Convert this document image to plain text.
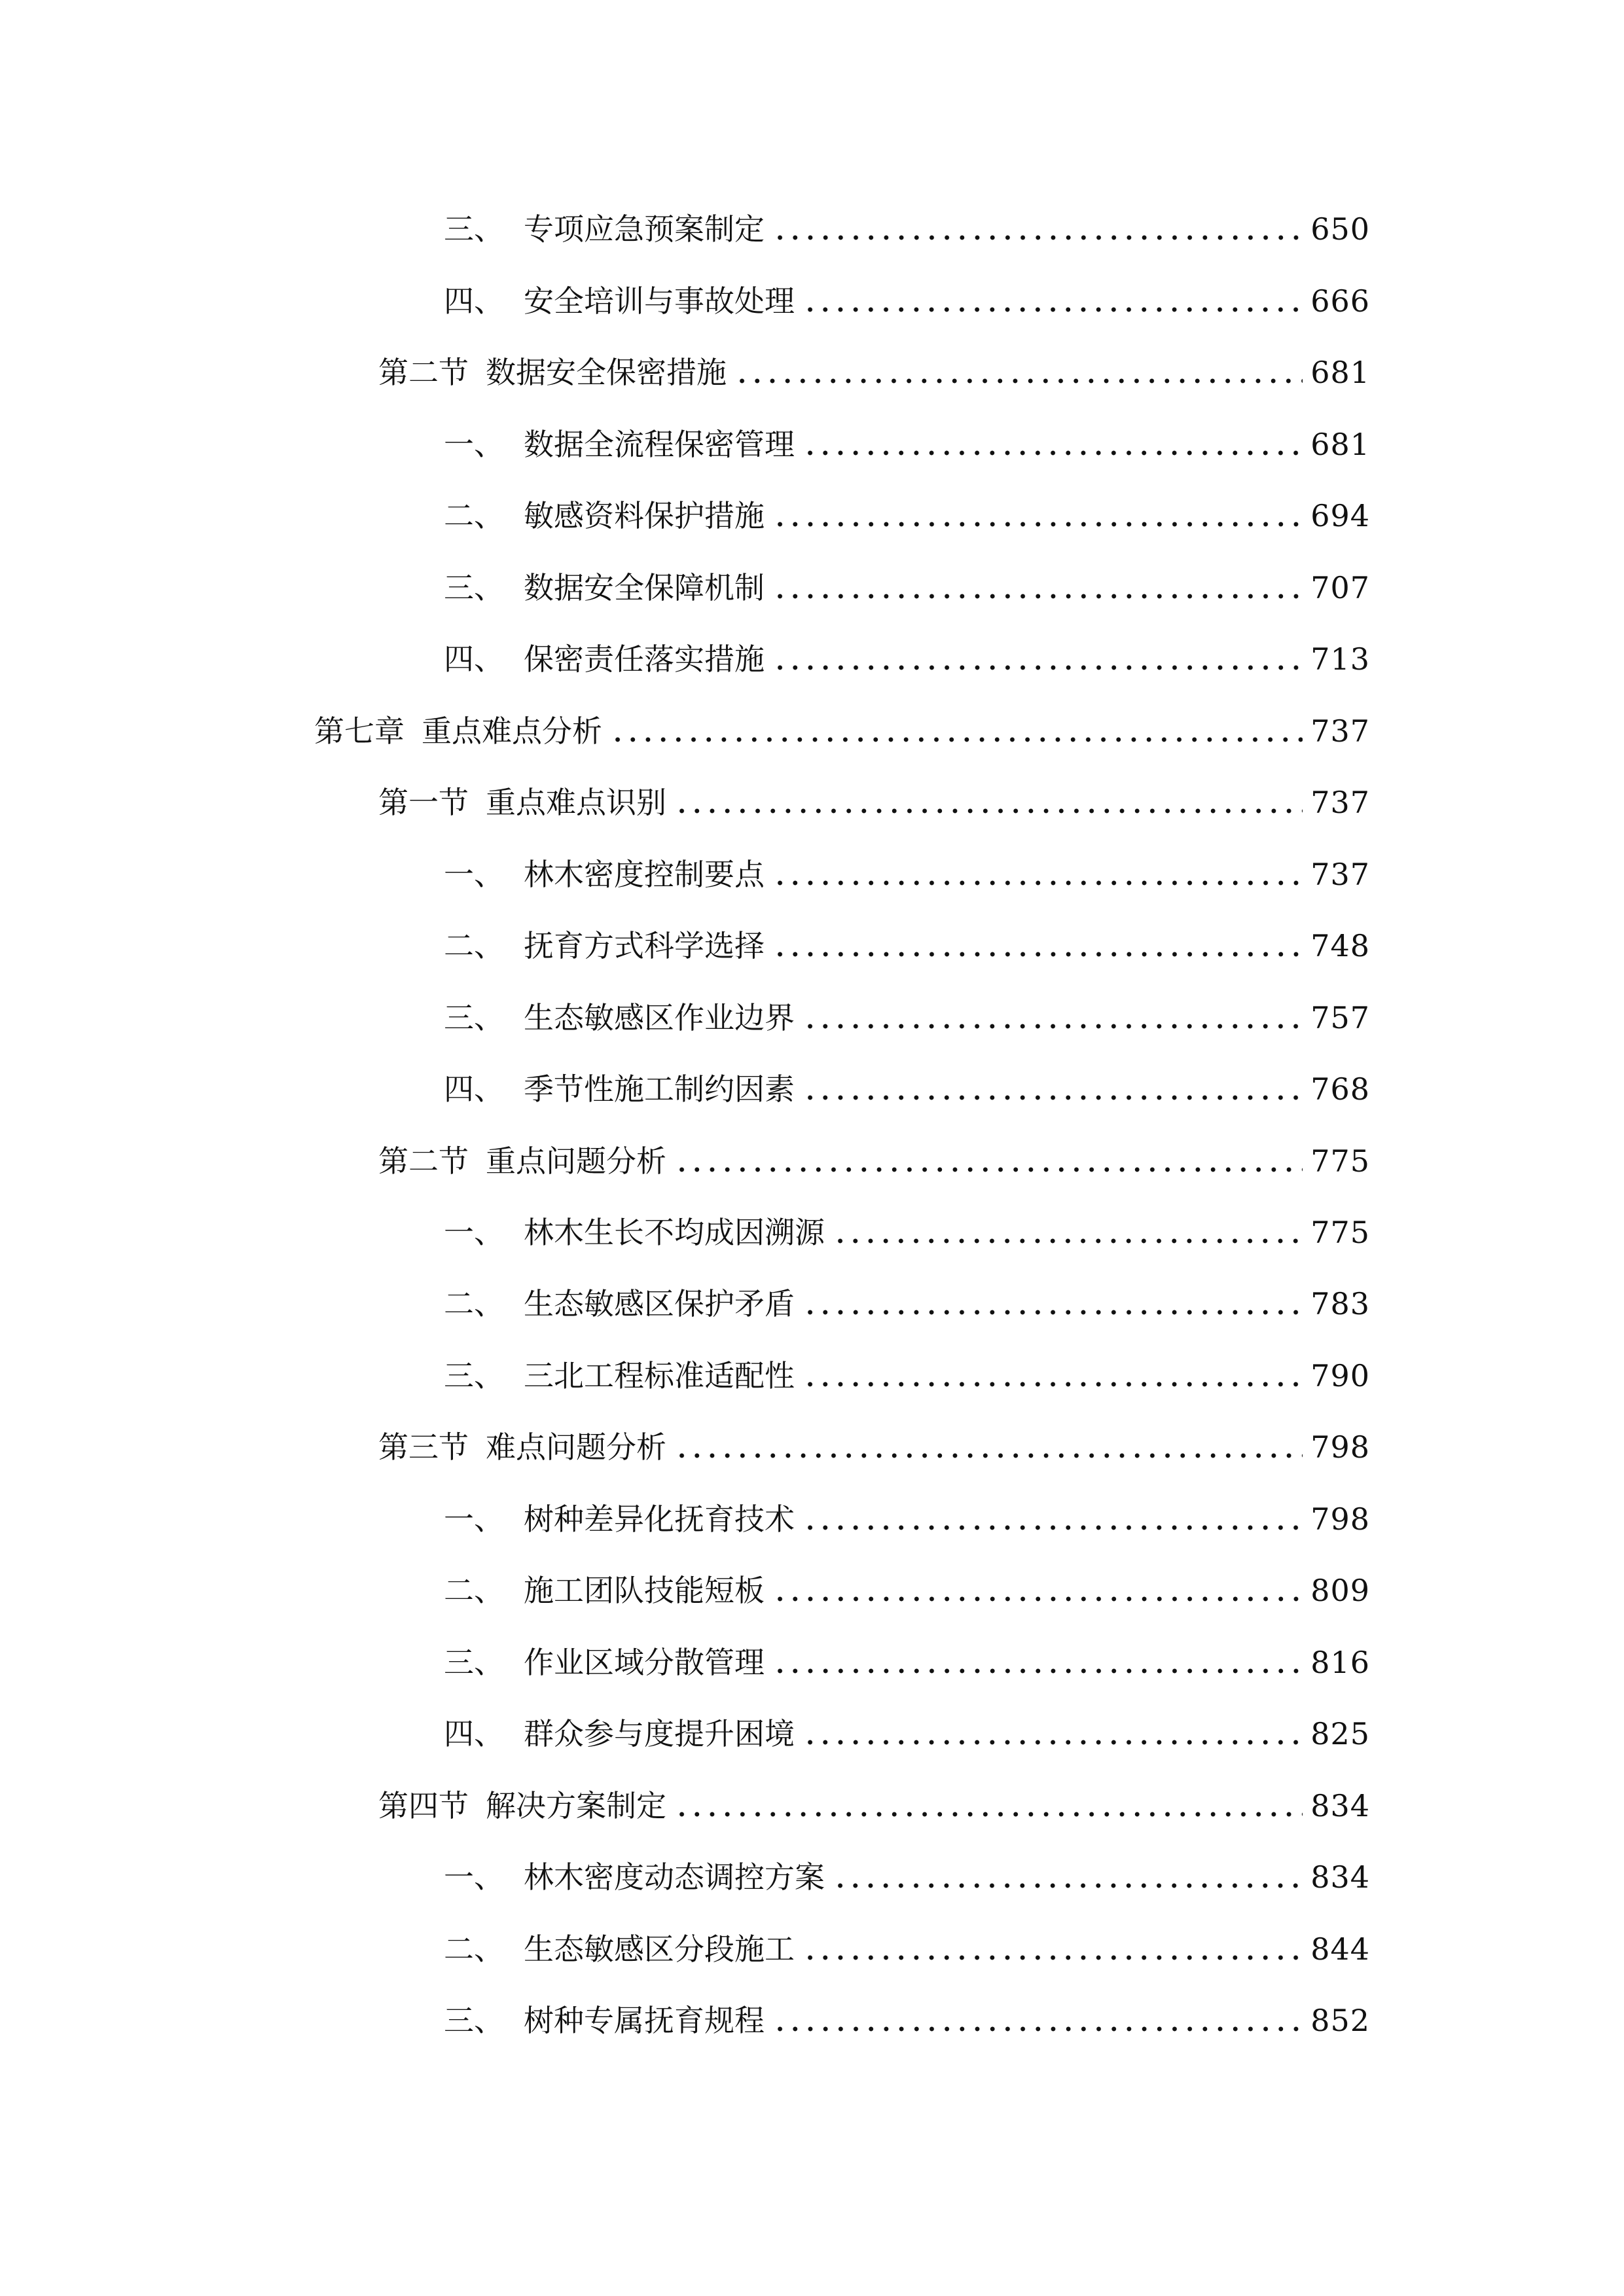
三、 专项应急预案制定	650
四、 安全培训与事故处理	666
第二节 数据安全保密措施	681
一、 数据全流程保密管理	681
二、 敏感资料保护措施	694
三、 数据安全保障机制	707
四、 保密责任落实措施	713
第七章 重点难点分析	737
第一节 重点难点识别	737
一、 林木密度控制要点	737
二、 抚育方式科学选择	748
三、 生态敏感区作业边界	757
四、 季节性施工制约因素	768
第二节 重点问题分析	775
一、 林木生长不均成因溯源	775
二、 生态敏感区保护矛盾	783
三、 三北工程标准适配性	790
第三节 难点问题分析	798
一、 树种差异化抚育技术	798
二、 施工团队技能短板	809
三、 作业区域分散管理	816
四、 群众参与度提升困境	825
第四节 解决方案制定	834
一、 林木密度动态调控方案	834
二、 生态敏感区分段施工	844
三、 树种专属抚育规程	852
